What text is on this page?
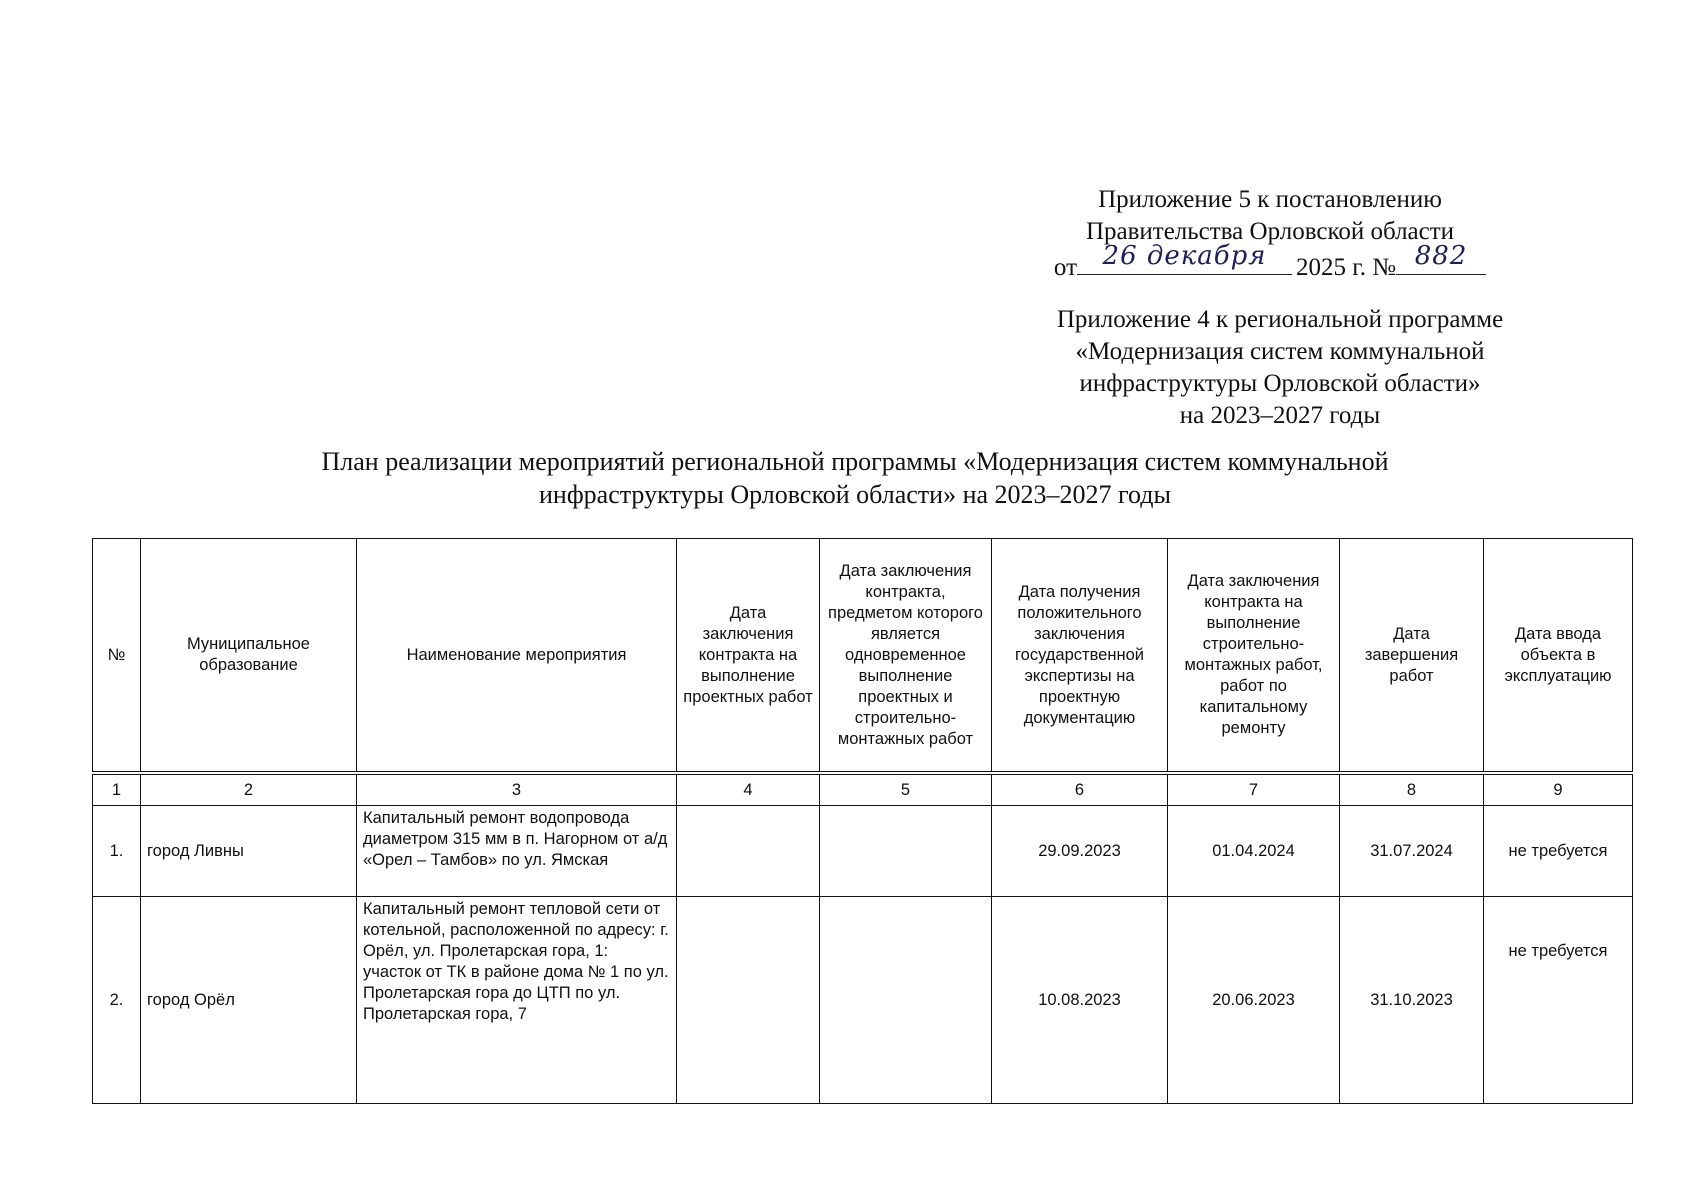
Приложение 5 к постановлению
Правительства Орловской области
от 26 декабря	2025 г. № 882
Приложение 4 к региональной программе
«Модернизация систем коммунальной
инфраструктуры Орловской области»
на 2023–2027 годы
План реализации мероприятий региональной программы «Модернизация систем коммунальной
инфраструктуры Орловской области» на 2023–2027 годы
№	Муниципальное образование	Наименование мероприятия	Дата заключения контракта на выполнение проектных работ	Дата заключения контракта, предметом которого является одновременное выполнение проектных и строительно-монтажных работ	Дата получения положительного заключения государственной экспертизы на проектную документацию	Дата заключения контракта на выполнение строительно-монтажных работ, работ по капитальному ремонту	Дата завершения работ	Дата ввода объекта в эксплуатацию
1	2	3	4	5	6	7	8	9
1.	город Ливны	Капитальный ремонт водопровода диаметром 315 мм в п. Нагорном от а/д «Орел – Тамбов» по ул. Ямская			29.09.2023	01.04.2024	31.07.2024	не требуется
2.	город Орёл	Капитальный ремонт тепловой сети от котельной, расположенной по адресу: г. Орёл, ул. Пролетарская гора, 1: участок от ТК в районе дома № 1 по ул. Пролетарская гора до ЦТП по ул. Пролетарская гора, 7			10.08.2023	20.06.2023	31.10.2023	не требуется
